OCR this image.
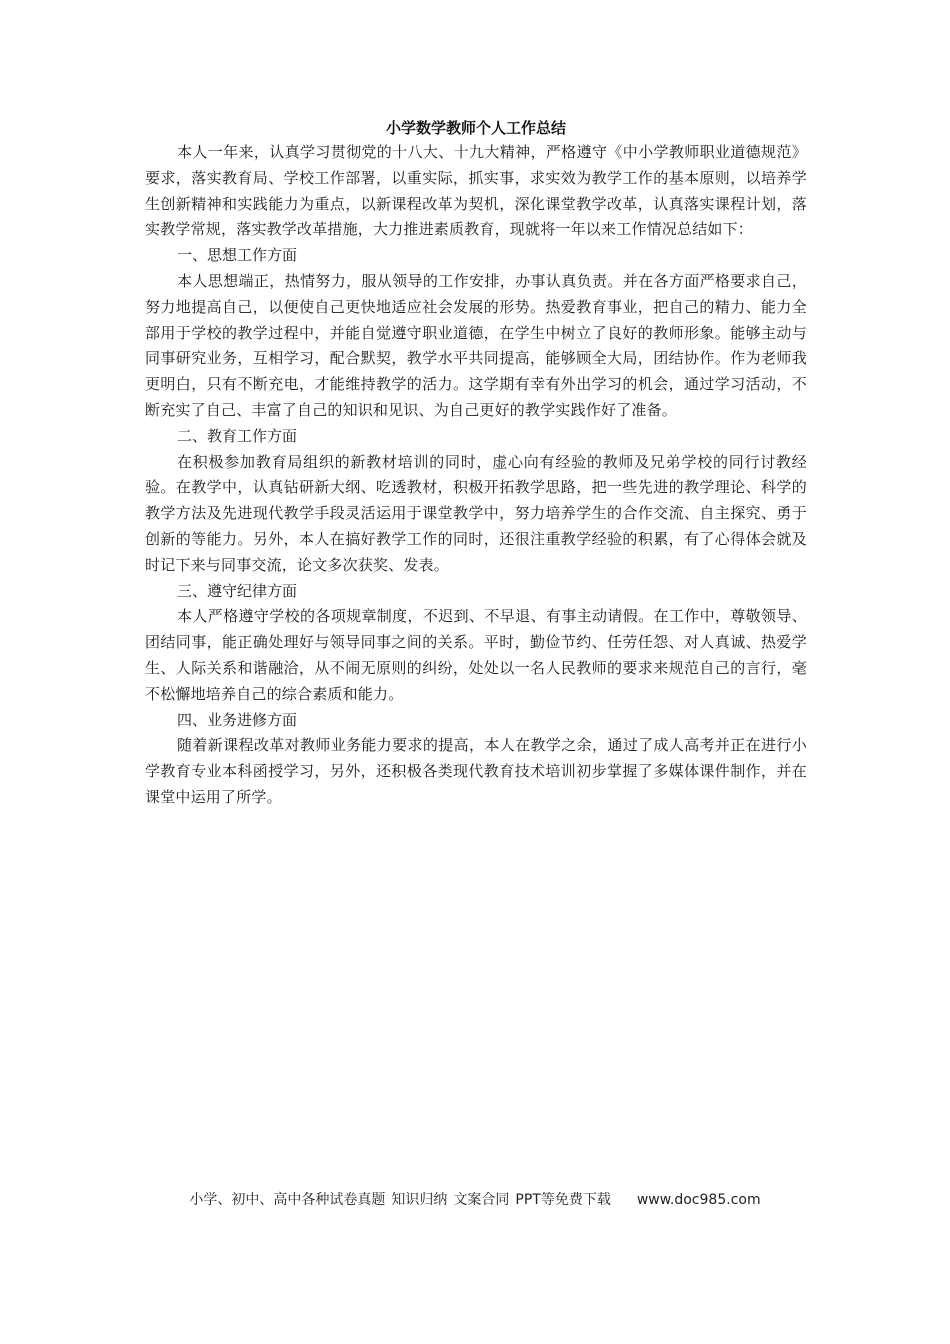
小学数学教师个人工作总结

本人一年来，认真学习贯彻党的十八大、十九大精神，严格遵守《中小学教师职业道德规范》要求，落实教育局、学校工作部署，以重实际，抓实事，求实效为教学工作的基本原则，以培养学生创新精神和实践能力为重点，以新课程改革为契机，深化课堂教学改革，认真落实课程计划，落实教学常规，落实教学改革措施，大力推进素质教育，现就将一年以来工作情况总结如下：

一、思想工作方面

本人思想端正，热情努力，服从领导的工作安排，办事认真负责。并在各方面严格要求自己，努力地提高自己，以便使自己更快地适应社会发展的形势。热爱教育事业，把自己的精力、能力全部用于学校的教学过程中，并能自觉遵守职业道德，在学生中树立了良好的教师形象。能够主动与同事研究业务，互相学习，配合默契，教学水平共同提高，能够顾全大局，团结协作。作为老师我更明白，只有不断充电，才能维持教学的活力。这学期有幸有外出学习的机会，通过学习活动，不断充实了自己、丰富了自己的知识和见识、为自己更好的教学实践作好了准备。

二、教育工作方面

在积极参加教育局组织的新教材培训的同时，虚心向有经验的教师及兄弟学校的同行讨教经验。在教学中，认真钻研新大纲、吃透教材，积极开拓教学思路，把一些先进的教学理论、科学的教学方法及先进现代教学手段灵活运用于课堂教学中，努力培养学生的合作交流、自主探究、勇于创新的等能力。另外，本人在搞好教学工作的同时，还很注重教学经验的积累，有了心得体会就及时记下来与同事交流，论文多次获奖、发表。

三、遵守纪律方面

本人严格遵守学校的各项规章制度，不迟到、不早退、有事主动请假。在工作中，尊敬领导、团结同事，能正确处理好与领导同事之间的关系。平时，勤俭节约、任劳任怨、对人真诚、热爱学生、人际关系和谐融洽，从不闹无原则的纠纷，处处以一名人民教师的要求来规范自己的言行，毫不松懈地培养自己的综合素质和能力。

四、业务进修方面

随着新课程改革对教师业务能力要求的提高，本人在教学之余，通过了成人高考并正在进行小学教育专业本科函授学习，另外，还积极各类现代教育技术培训初步掌握了多媒体课件制作，并在课堂中运用了所学。

小学、初中、高中各种试卷真题 知识归纳 文案合同 PPT等免费下载 www.doc985.com
